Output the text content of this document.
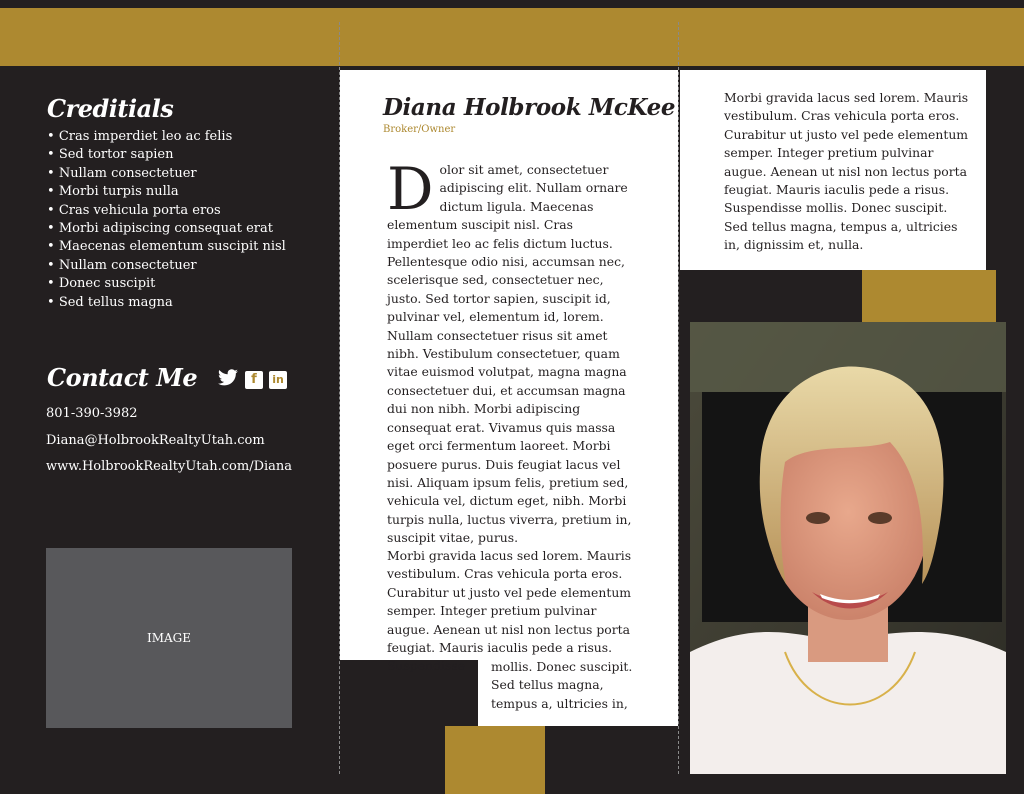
Creditials
• Cras imperdiet leo ac felis
• Sed tortor sapien
• Nullam consectetuer
• Morbi turpis nulla
• Cras vehicula porta eros
• Morbi adipiscing consequat erat
• Maecenas elementum suscipit nisl
• Nullam consectetuer
• Donec suscipit
• Sed tellus magna
Contact Me	f	in
801-390-3982
Diana@HolbrookRealtyUtah.com
www.HolbrookRealtyUtah.com/Diana
IMAGE
Diana Holbrook McKee
Broker/Owner
Dolor sit amet, consectetuer adipiscing elit. Nullam ornare dictum ligula. Maecenas elementum suscipit nisl. Cras imperdiet leo ac felis dictum luctus. Pellentesque odio nisi, accumsan nec, scelerisque sed, consectetuer nec, justo. Sed tortor sapien, suscipit id, pulvinar vel, elementum id, lorem. Nullam consectetuer risus sit amet nibh. Vestibulum consectetuer, quam vitae euismod volutpat, magna magna consectetuer dui, et accumsan magna dui non nibh. Morbi adipiscing consequat erat. Vivamus quis massa eget orci fermentum laoreet. Morbi posuere purus. Duis feugiat lacus vel nisi. Aliquam ipsum felis, pretium sed, vehicula vel, dictum eget, nibh. Morbi turpis nulla, luctus viverra, pretium in, suscipit vitae, purus.
Morbi gravida lacus sed lorem. Mauris vestibulum. Cras vehicula porta eros. Curabitur ut justo vel pede elementum semper. Integer pretium pulvinar augue. Aenean ut nisl non lectus porta feugiat. Mauris iaculis pede a risus. Suspendisse	mollis. Donec suscipit. Sed tellus magna, tempus a, ultricies in,
Morbi gravida lacus sed lorem. Mauris vestibulum. Cras vehicula porta eros. Curabitur ut justo vel pede elementum semper. Integer pretium pulvinar augue. Aenean ut nisl non lectus porta feugiat. Mauris iaculis pede a risus. Suspendisse mollis. Donec suscipit. Sed tellus magna, tempus a, ultricies in, dignissim et, nulla.
